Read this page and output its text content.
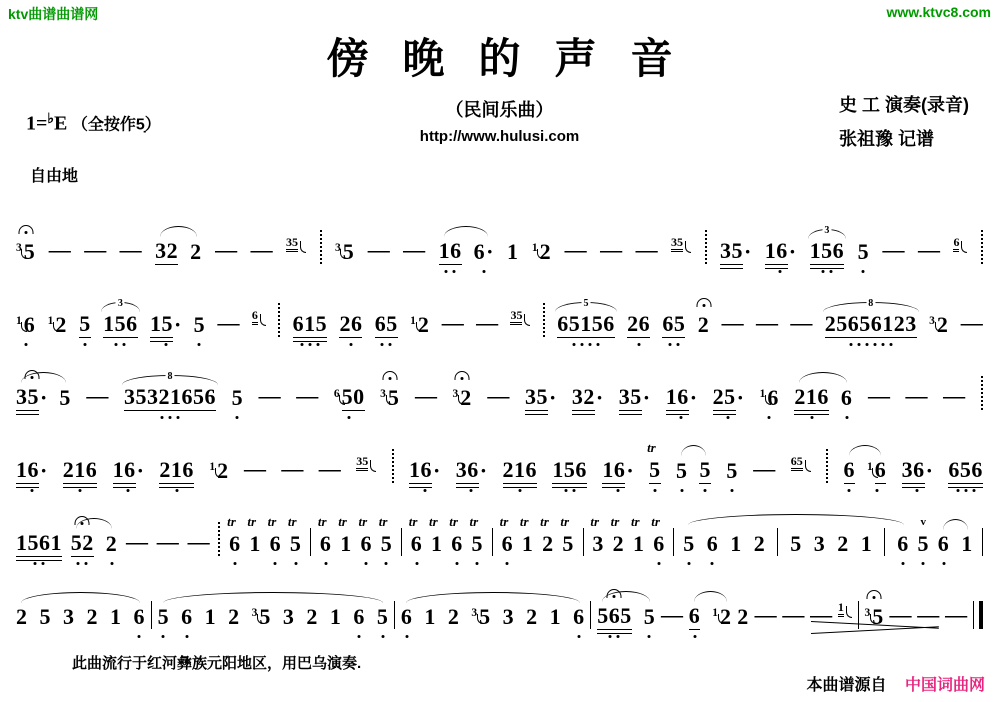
ktv曲谱曲谱网	www.ktvc8.com
傍晚的声音
（民间乐曲）
http://www.hulusi.com
1=♭E （全按作5̣）
史 工 演奏(录音)
张祖豫 记谱
自由地
3 5 — — — 32 2 — — 35	3 5 — — 16 6 · 1 1 2 — — — 35 35 · 16 ·
3
156 5 — — 6
1 6 1 2 5
3
156 15 · 5 — 6 615 26 65 1 2 — — 35
5
65156 26 65 2 — — —
8
25656123 3 2 —
35 · 5 —
8
35321656 5 — — 6 50 3 5 — 3 2 — 35 · 32 · 35 · 16 · 25 · 1 6 216 6 — — —
16 · 216 16 · 216 1 2 — — — 35 16 · 36 · 216 156 16 ·
tr
5 5 5 5 — 65 6 1 6 36 · 656
1561 52 2 — — —
tr
6
tr
1
tr
6
tr
5
tr
6
tr
1
tr
6
tr
5
tr
6
tr
1
tr
6
tr
5
tr
6
tr
1
tr
2
tr
5
tr
3
tr
2
tr
1
tr
6 5 6 1 2 5 3 2 1 6
v
5 6 1
2 5 3 2 1 6 5 6 1 2 3 5 3 2 1 6 5 6 1 2 3 5 3 2 1 6 565 5 — 6 1 2 2 — — — 1 3 5 — — —
此曲流行于红河彝族元阳地区，用巴乌演奏.
本曲谱源自 中国词曲网
